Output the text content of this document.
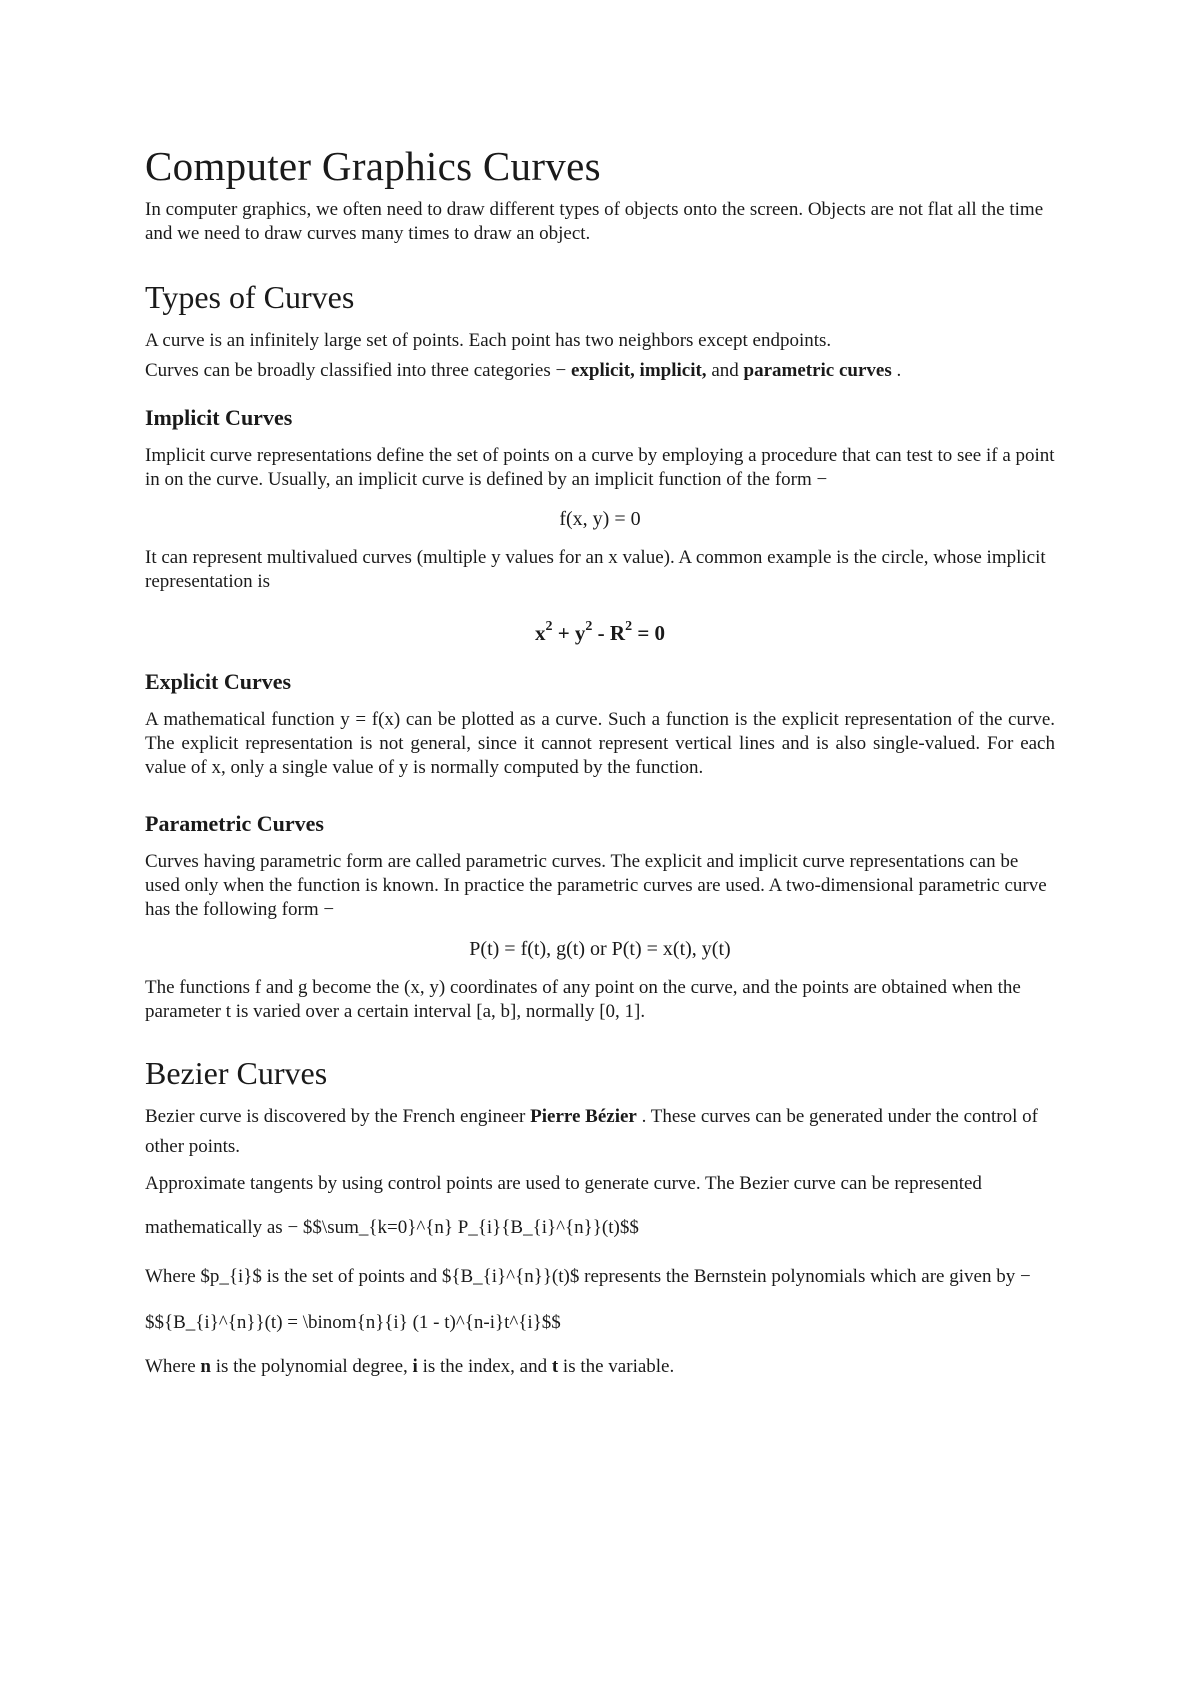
Computer Graphics Curves

In computer graphics, we often need to draw different types of objects onto the screen. Objects are not flat all the time and we need to draw curves many times to draw an object.

Types of Curves

A curve is an infinitely large set of points. Each point has two neighbors except endpoints.

Curves can be broadly classified into three categories − explicit, implicit, and parametric curves .

Implicit Curves

Implicit curve representations define the set of points on a curve by employing a procedure that can test to see if a point in on the curve. Usually, an implicit curve is defined by an implicit function of the form −

f(x, y) = 0

It can represent multivalued curves (multiple y values for an x value). A common example is the circle, whose implicit representation is

$x^2 + y^2 - R^2 = 0$
Explicit Curves

A mathematical function y = f(x) can be plotted as a curve. Such a function is the explicit representation of the curve. The explicit representation is not general, since it cannot represent vertical lines and is also single-valued. For each value of x, only a single value of y is normally computed by the function.

Parametric Curves

Curves having parametric form are called parametric curves. The explicit and implicit curve representations can be used only when the function is known. In practice the parametric curves are used. A two-dimensional parametric curve has the following form −

P(t) = f(t), g(t) or P(t) = x(t), y(t)

The functions f and g become the (x, y) coordinates of any point on the curve, and the points are obtained when the parameter t is varied over a certain interval [a, b], normally [0, 1].

Bezier Curves

Bezier curve is discovered by the French engineer Pierre Bézier . These curves can be generated under the control of other points.

Approximate tangents by using control points are used to generate curve. The Bezier curve can be represented mathematically as − $$\sum_{k=0}^{n} P_{i}{B_{i}^{n}}(t)$$

Where $p_{i}$ is the set of points and ${B_{i}^{n}}(t)$ represents the Bernstein polynomials which are given by −

$${B_{i}^{n}}(t) = \binom{n}{i} (1 - t)^{n-i}t^{i}$$

Where n is the polynomial degree, i is the index, and t is the variable.
